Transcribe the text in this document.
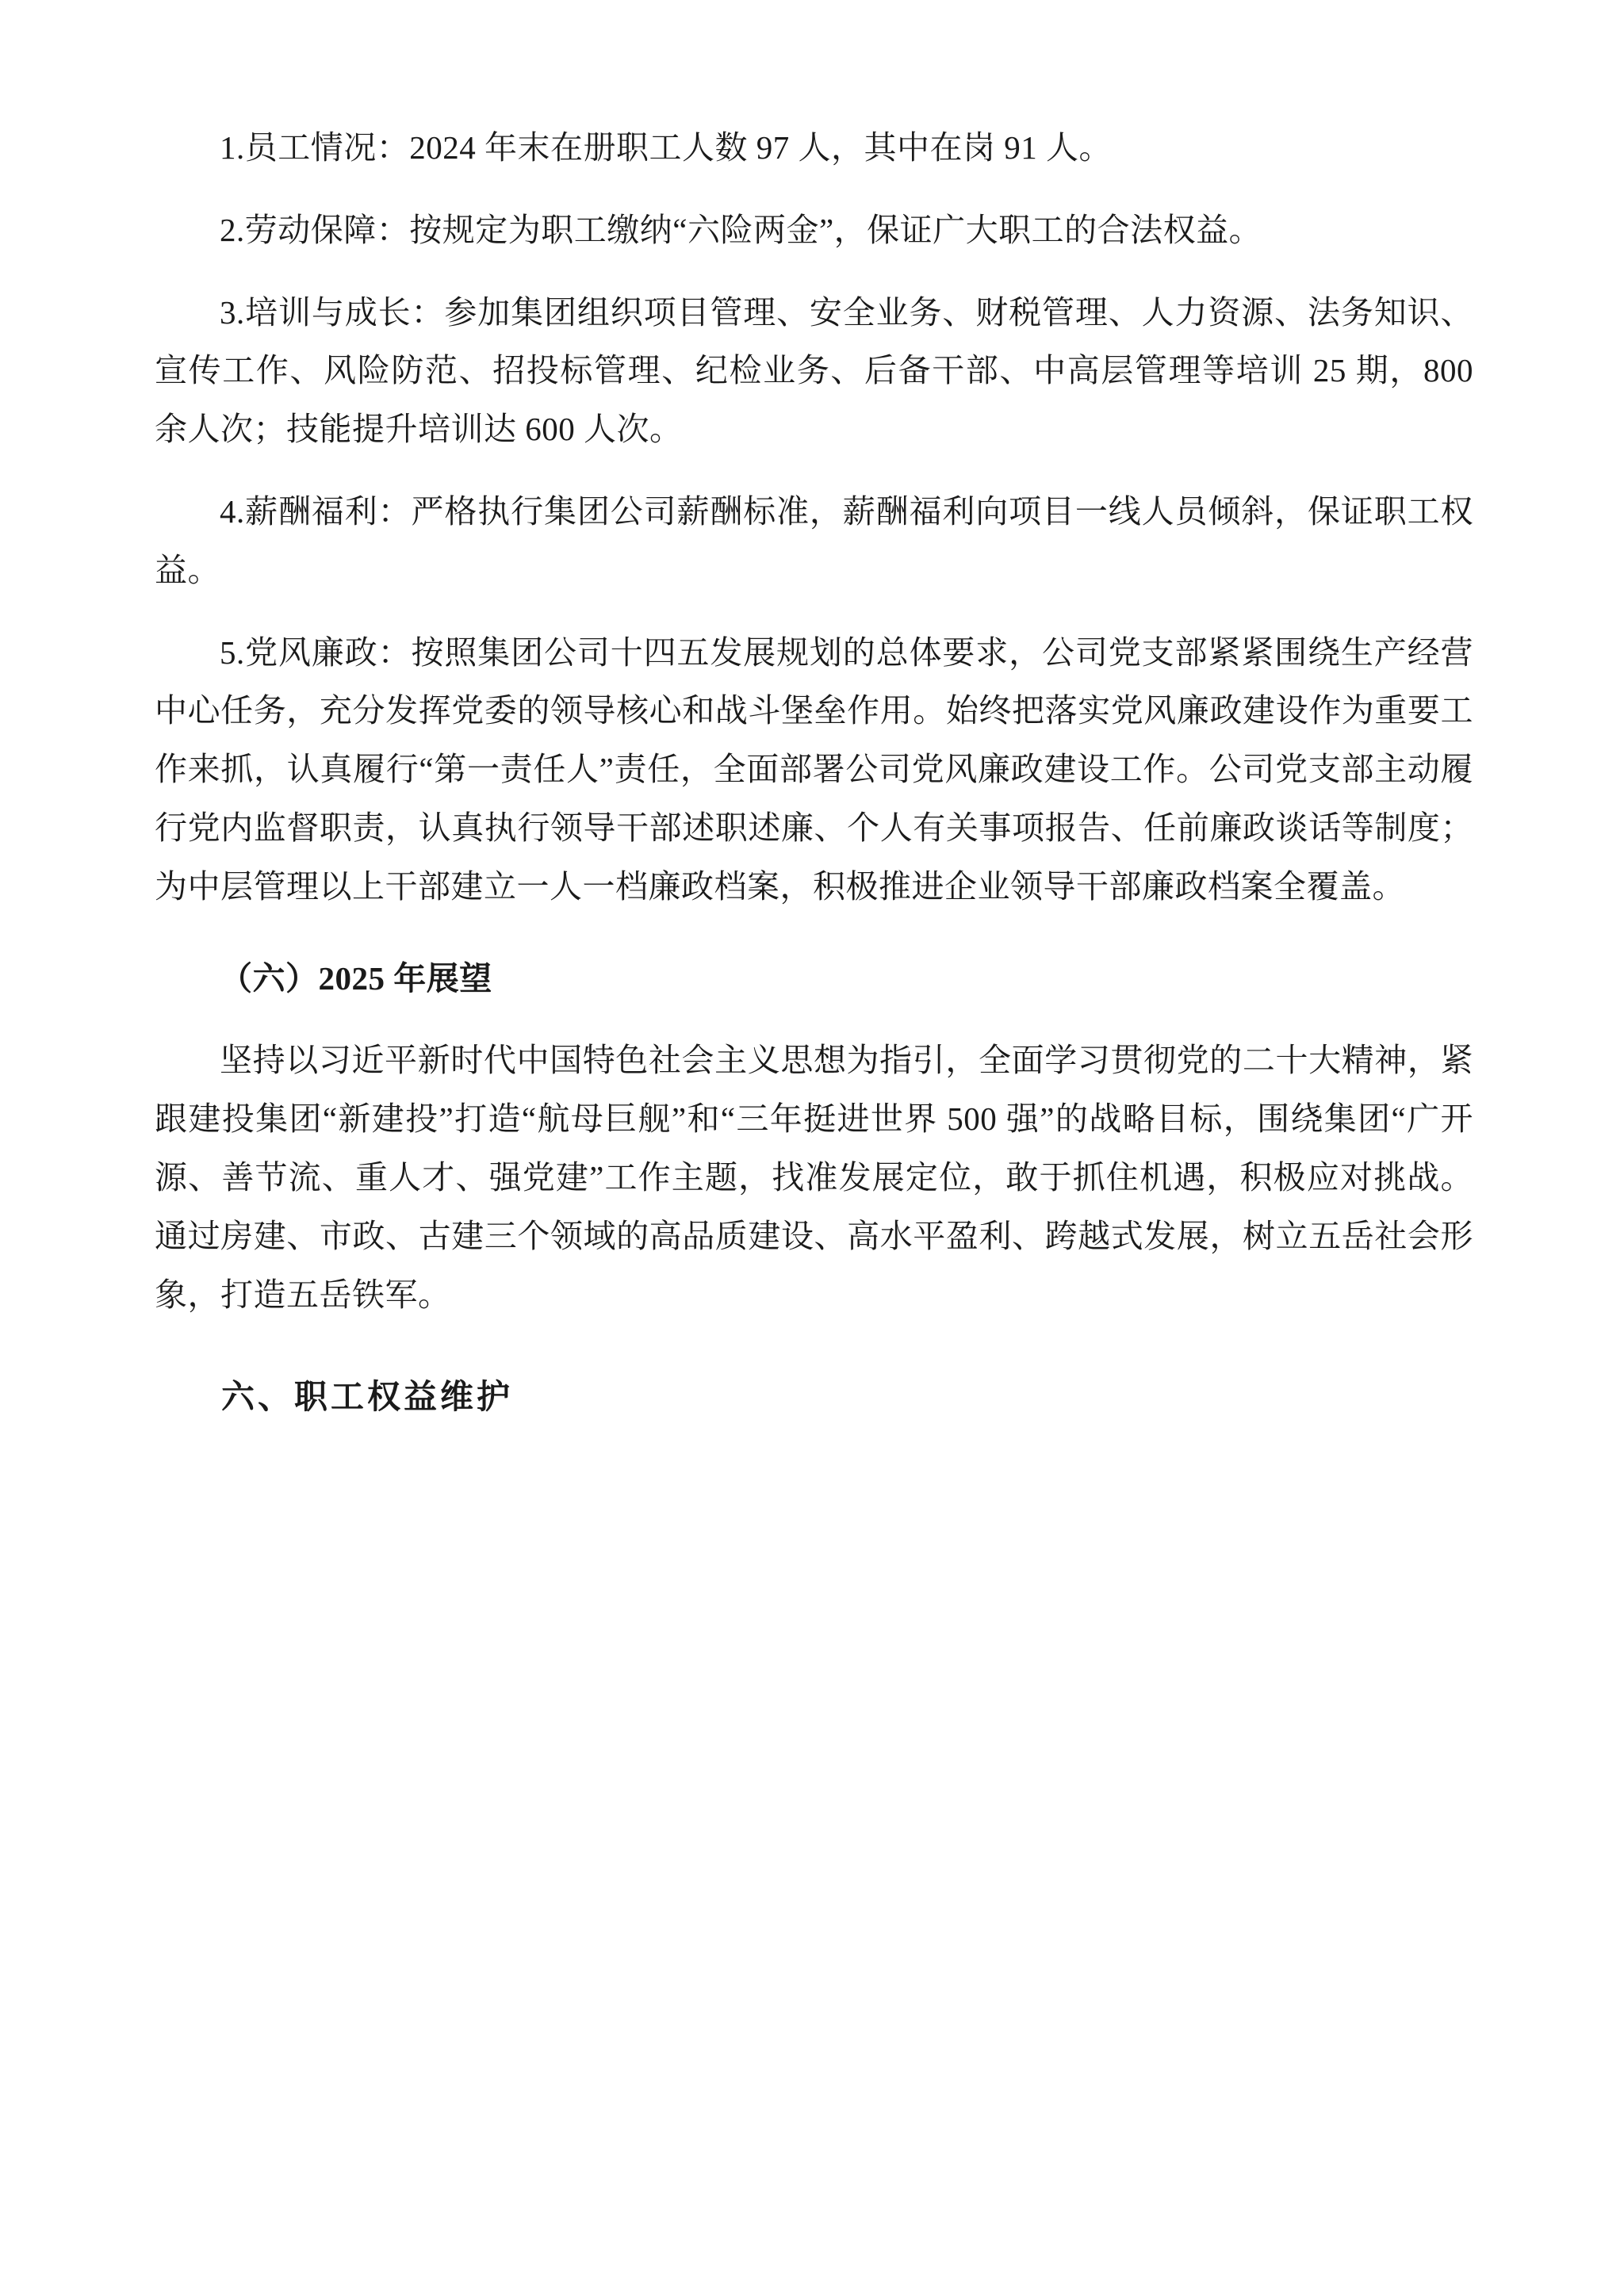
1.员工情况：2024 年末在册职工人数 97 人，其中在岗 91 人。

2.劳动保障：按规定为职工缴纳“六险两金”，保证广大职工的合法权益。

3.培训与成长：参加集团组织项目管理、安全业务、财税管理、人力资源、法务知识、宣传工作、风险防范、招投标管理、纪检业务、后备干部、中高层管理等培训 25 期，800 余人次；技能提升培训达 600 人次。

4.薪酬福利：严格执行集团公司薪酬标准，薪酬福利向项目一线人员倾斜，保证职工权益。

5.党风廉政：按照集团公司十四五发展规划的总体要求，公司党支部紧紧围绕生产经营中心任务，充分发挥党委的领导核心和战斗堡垒作用。始终把落实党风廉政建设作为重要工作来抓，认真履行“第一责任人”责任，全面部署公司党风廉政建设工作。公司党支部主动履行党内监督职责，认真执行领导干部述职述廉、个人有关事项报告、任前廉政谈话等制度；为中层管理以上干部建立一人一档廉政档案，积极推进企业领导干部廉政档案全覆盖。

（六）2025 年展望

坚持以习近平新时代中国特色社会主义思想为指引，全面学习贯彻党的二十大精神，紧跟建投集团“新建投”打造“航母巨舰”和“三年挺进世界 500 强”的战略目标，围绕集团“广开源、善节流、重人才、强党建”工作主题，找准发展定位，敢于抓住机遇，积极应对挑战。通过房建、市政、古建三个领域的高品质建设、高水平盈利、跨越式发展，树立五岳社会形象，打造五岳铁军。

六、职工权益维护
